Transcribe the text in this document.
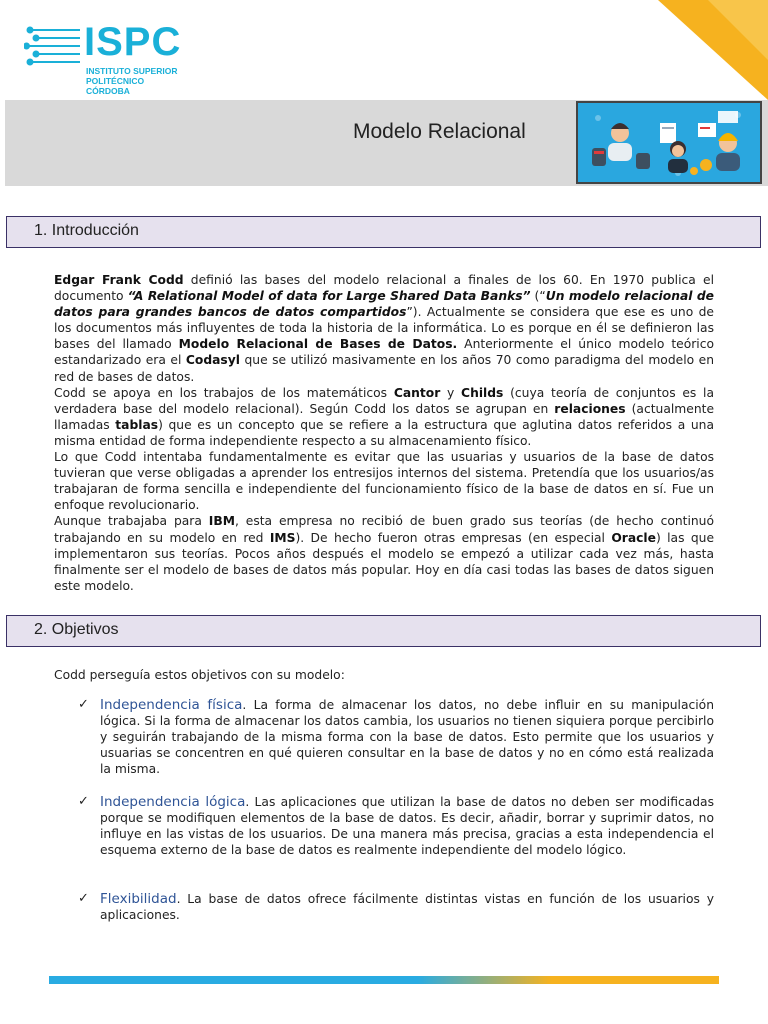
ISPC
INSTITUTO SUPERIOR
POLITÉCNICO CÓRDOBA
Modelo Relacional
1. Introducción

Edgar Frank Codd definió las bases del modelo relacional a finales de los 60. En 1970 publica el documento “A Relational Model of data for Large Shared Data Banks” (“Un modelo relacional de datos para grandes bancos de datos compartidos”). Actualmente se considera que ese es uno de los documentos más influyentes de toda la historia de la informática. Lo es porque en él se definieron las bases del llamado Modelo Relacional de Bases de Datos. Anteriormente el único modelo teórico estandarizado era el Codasyl que se utilizó masivamente en los años 70 como paradigma del modelo en red de bases de datos.

Codd se apoya en los trabajos de los matemáticos Cantor y Childs (cuya teoría de conjuntos es la verdadera base del modelo relacional). Según Codd los datos se agrupan en relaciones (actualmente llamadas tablas) que es un concepto que se refiere a la estructura que aglutina datos referidos a una misma entidad de forma independiente respecto a su almacenamiento físico.

Lo que Codd intentaba fundamentalmente es evitar que las usuarias y usuarios de la base de datos tuvieran que verse obligadas a aprender los entresijos internos del sistema. Pretendía que los usuarios/as trabajaran de forma sencilla e independiente del funcionamiento físico de la base de datos en sí. Fue un enfoque revolucionario.

Aunque trabajaba para IBM, esta empresa no recibió de buen grado sus teorías (de hecho continuó trabajando en su modelo en red IMS). De hecho fueron otras empresas (en especial Oracle) las que implementaron sus teorías. Pocos años después el modelo se empezó a utilizar cada vez más, hasta finalmente ser el modelo de bases de datos más popular. Hoy en día casi todas las bases de datos siguen este modelo.

2. Objetivos
Codd perseguía estos objetivos con su modelo:
✓ Independencia física. La forma de almacenar los datos, no debe influir en su manipulación lógica. Si la forma de almacenar los datos cambia, los usuarios no tienen siquiera porque percibirlo y seguirán trabajando de la misma forma con la base de datos. Esto permite que los usuarios y usuarias se concentren en qué quieren consultar en la base de datos y no en cómo está realizada la misma.
✓ Independencia lógica. Las aplicaciones que utilizan la base de datos no deben ser modificadas porque se modifiquen elementos de la base de datos. Es decir, añadir, borrar y suprimir datos, no influye en las vistas de los usuarios. De una manera más precisa, gracias a esta independencia el esquema externo de la base de datos es realmente independiente del modelo lógico.
✓ Flexibilidad. La base de datos ofrece fácilmente distintas vistas en función de los usuarios y aplicaciones.
